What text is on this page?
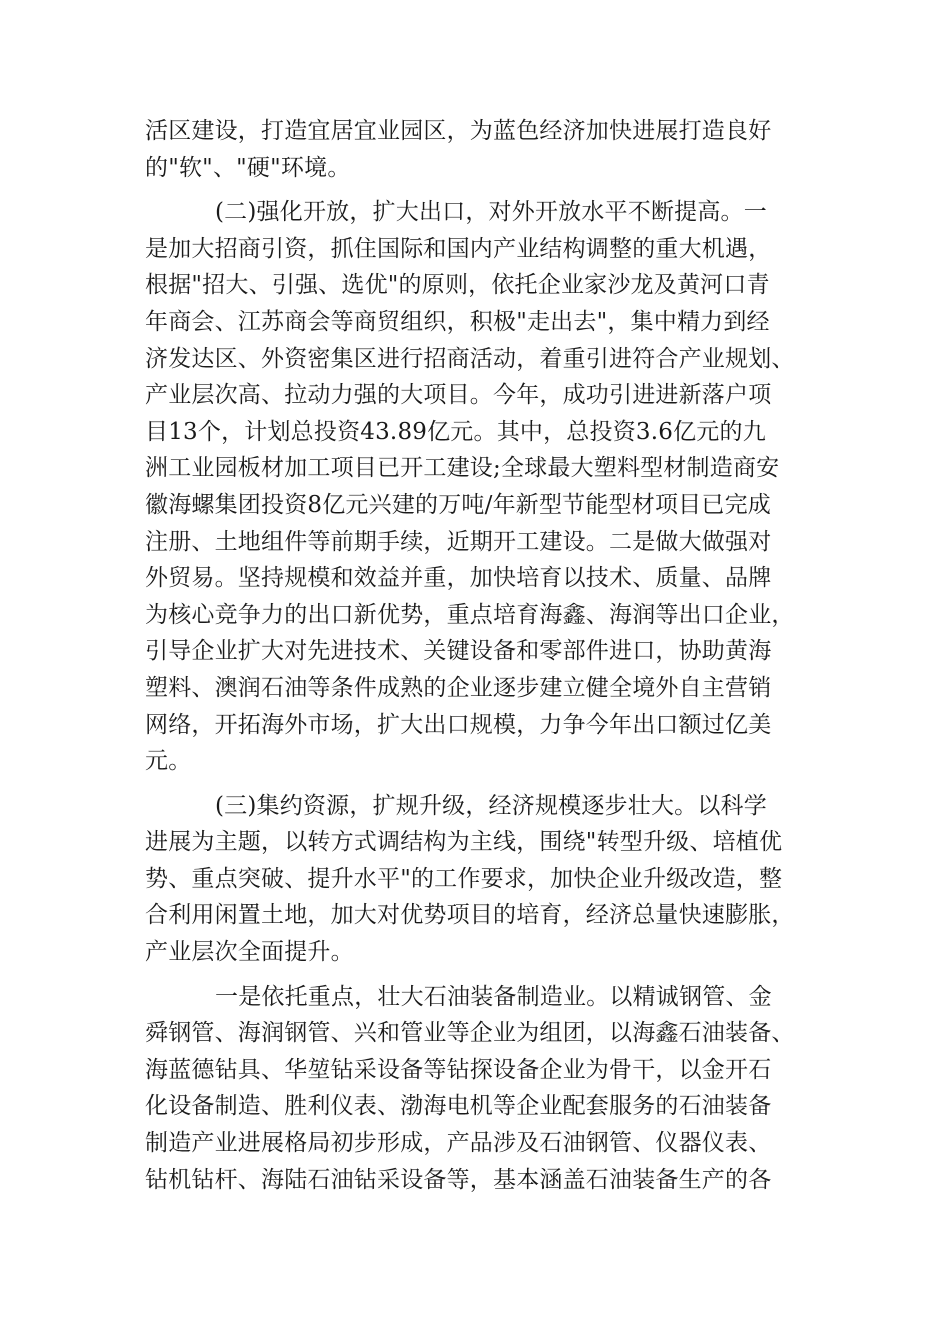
活区建设，打造宜居宜业园区，为蓝色经济加快进展打造良好
的"软"、"硬"环境。
(二)强化开放，扩大出口，对外开放水平不断提高。一
是加大招商引资，抓住国际和国内产业结构调整的重大机遇，
根据"招大、引强、选优"的原则，依托企业家沙龙及黄河口青
年商会、江苏商会等商贸组织，积极"走出去"，集中精力到经
济发达区、外资密集区进行招商活动，着重引进符合产业规划、
产业层次高、拉动力强的大项目。今年，成功引进进新落户项
目13个，计划总投资43.89亿元。其中，总投资3.6亿元的九
洲工业园板材加工项目已开工建设;全球最大塑料型材制造商安
徽海螺集团投资8亿元兴建的万吨/年新型节能型材项目已完成
注册、土地组件等前期手续，近期开工建设。二是做大做强对
外贸易。坚持规模和效益并重，加快培育以技术、质量、品牌
为核心竞争力的出口新优势，重点培育海鑫、海润等出口企业，
引导企业扩大对先进技术、关键设备和零部件进口，协助黄海
塑料、澳润石油等条件成熟的企业逐步建立健全境外自主营销
网络，开拓海外市场，扩大出口规模，力争今年出口额过亿美
元。
(三)集约资源，扩规升级，经济规模逐步壮大。以科学
进展为主题，以转方式调结构为主线，围绕"转型升级、培植优
势、重点突破、提升水平"的工作要求，加快企业升级改造，整
合利用闲置土地，加大对优势项目的培育，经济总量快速膨胀，
产业层次全面提升。
一是依托重点，壮大石油装备制造业。以精诚钢管、金
舜钢管、海润钢管、兴和管业等企业为组团，以海鑫石油装备、
海蓝德钻具、华堃钻采设备等钻探设备企业为骨干，以金开石
化设备制造、胜利仪表、渤海电机等企业配套服务的石油装备
制造产业进展格局初步形成，产品涉及石油钢管、仪器仪表、
钻机钻杆、海陆石油钻采设备等，基本涵盖石油装备生产的各
